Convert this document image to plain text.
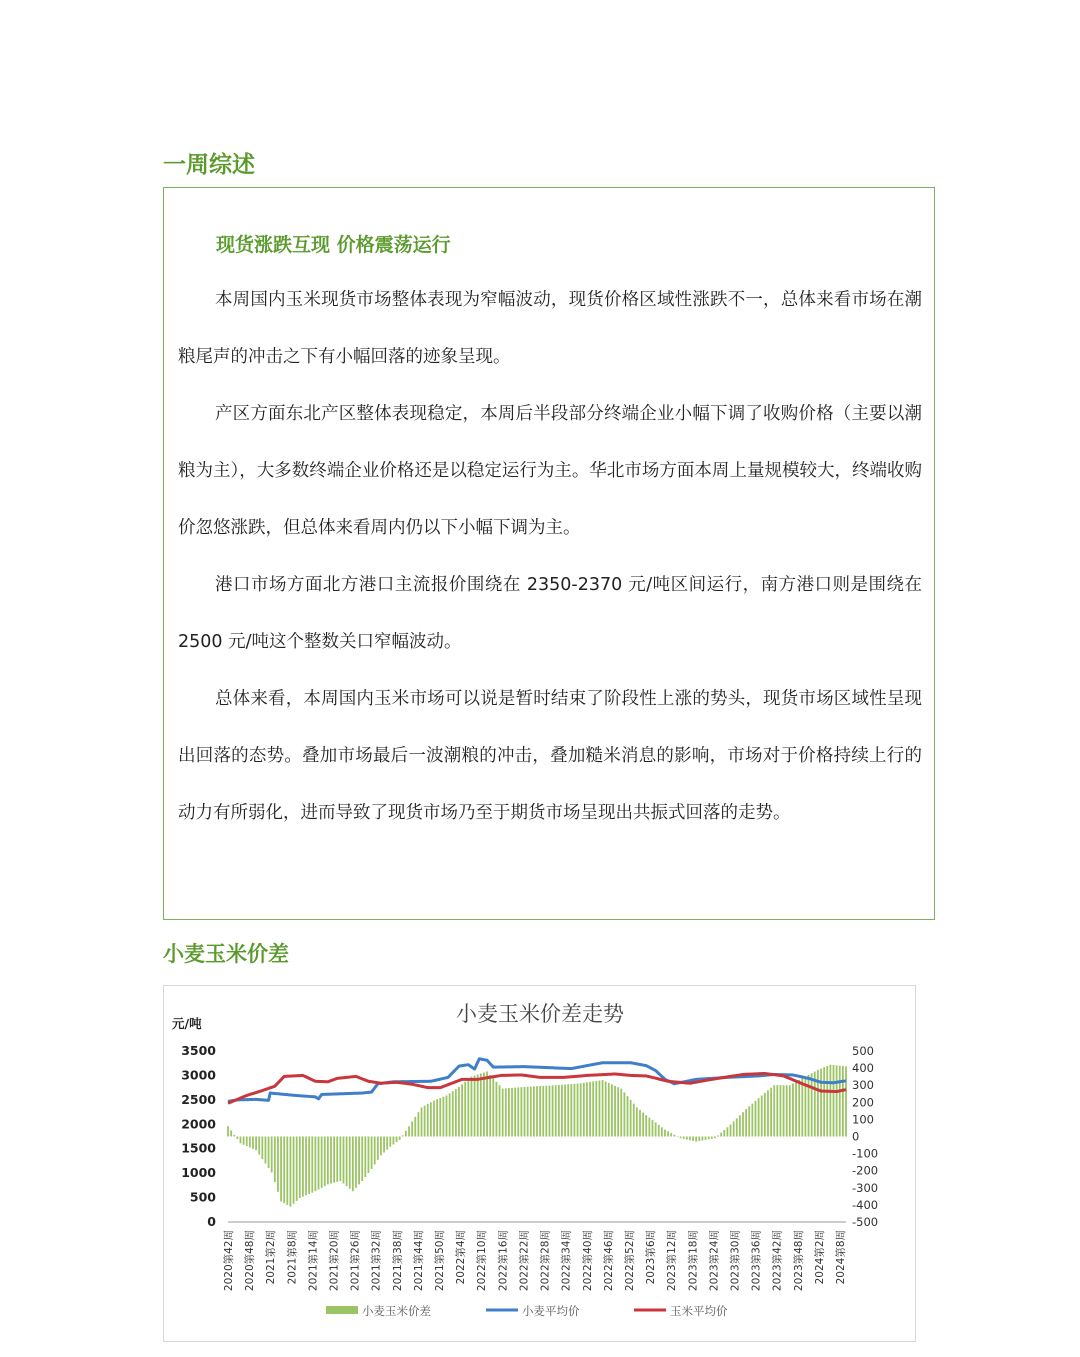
一周综述
现货涨跌互现 价格震荡运行

本周国内玉米现货市场整体表现为窄幅波动，现货价格区域性涨跌不一，总体来看市场在潮粮尾声的冲击之下有小幅回落的迹象呈现。

产区方面东北产区整体表现稳定，本周后半段部分终端企业小幅下调了收购价格（主要以潮粮为主），大多数终端企业价格还是以稳定运行为主。华北市场方面本周上量规模较大，终端收购价忽悠涨跌，但总体来看周内仍以下小幅下调为主。

港口市场方面北方港口主流报价围绕在 2350-2370 元/吨区间运行，南方港口则是围绕在 2500 元/吨这个整数关口窄幅波动。

总体来看，本周国内玉米市场可以说是暂时结束了阶段性上涨的势头，现货市场区域性呈现出回落的态势。叠加市场最后一波潮粮的冲击，叠加糙米消息的影响，市场对于价格持续上行的动力有所弱化，进而导致了现货市场乃至于期货市场呈现出共振式回落的走势。

小麦玉米价差
小麦玉米价差走势
元/吨
3500
3000
2500
2000
1500
1000
500
0
500
400
300
200
100
0
-100
-200
-300
-400
-500
2020第42周 2020第48周 2021第2周 2021第8周 2021第14周 2021第20周 2021第26周 2021第32周 2021第38周 2021第44周 2021第50周 2022第4周 2022第10周 2022第16周 2022第22周 2022第28周 2022第34周 2022第40周 2022第46周 2022第52周 2023第6周 2023第12周 2023第18周 2023第24周 2023第30周 2023第36周 2023第42周 2023第48周 2024第2周 2024第8周
小麦玉米价差	小麦平均价	玉米平均价
